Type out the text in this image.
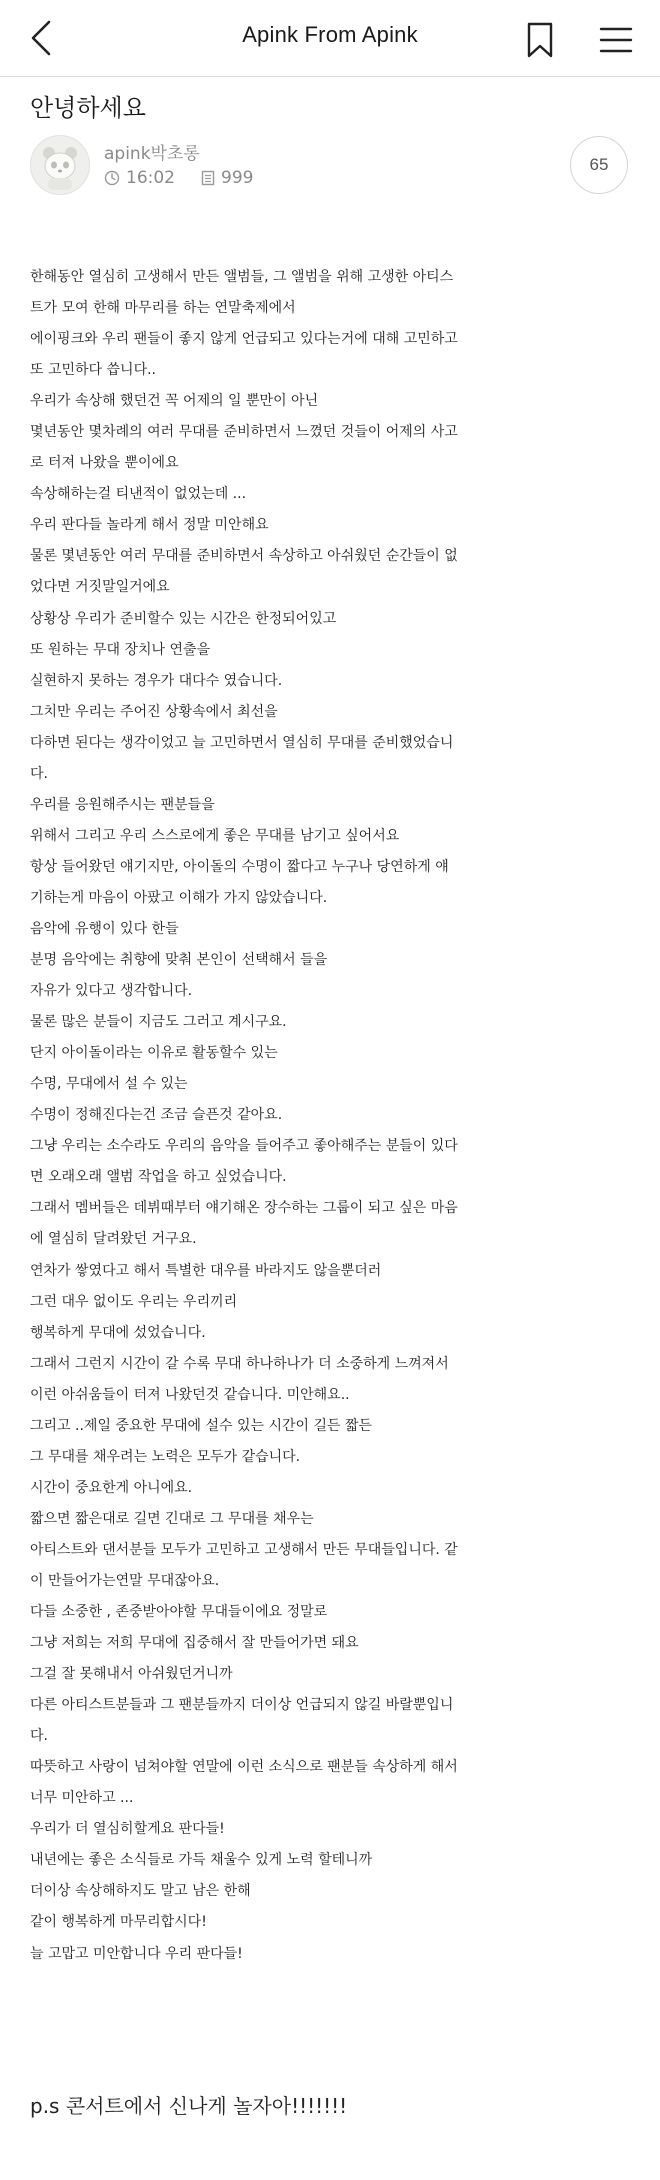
Apink From Apink
안녕하세요
apink박초롱
16:02	999
65
한해동안 열심히 고생해서 만든 앨범들, 그 앨범을 위해 고생한 아티스
트가 모여 한해 마무리를 하는 연말축제에서
에이핑크와 우리 팬들이 좋지 않게 언급되고 있다는거에 대해 고민하고
또 고민하다 씁니다..
우리가 속상해 했던건 꼭 어제의 일 뿐만이 아닌
몇년동안 몇차례의 여러 무대를 준비하면서 느꼈던 것들이 어제의 사고
로 터져 나왔을 뿐이에요
속상해하는걸 티낸적이 없었는데 ...
우리 판다들 놀라게 해서 정말 미안해요
물론 몇년동안 여러 무대를 준비하면서 속상하고 아쉬웠던 순간들이 없
었다면 거짓말일거에요
상황상 우리가 준비할수 있는 시간은 한정되어있고
또 원하는 무대 장치나 연출을
실현하지 못하는 경우가 대다수 였습니다.
그치만 우리는 주어진 상황속에서 최선을
다하면 된다는 생각이었고 늘 고민하면서 열심히 무대를 준비했었습니
다.
우리를 응원해주시는 팬분들을
위해서 그리고 우리 스스로에게 좋은 무대를 남기고 싶어서요
항상 들어왔던 얘기지만, 아이돌의 수명이 짧다고 누구나 당연하게 얘
기하는게 마음이 아팠고 이해가 가지 않았습니다.
음악에 유행이 있다 한들
분명 음악에는 취향에 맞춰 본인이 선택해서 들을
자유가 있다고 생각합니다.
물론 많은 분들이 지금도 그러고 계시구요.
단지 아이돌이라는 이유로 활동할수 있는
수명, 무대에서 설 수 있는
수명이 정해진다는건 조금 슬픈것 같아요.
그냥 우리는 소수라도 우리의 음악을 들어주고 좋아해주는 분들이 있다
면 오래오래 앨범 작업을 하고 싶었습니다.
그래서 멤버들은 데뷔때부터 얘기해온 장수하는 그룹이 되고 싶은 마음
에 열심히 달려왔던 거구요.
연차가 쌓였다고 해서 특별한 대우를 바라지도 않을뿐더러
그런 대우 없이도 우리는 우리끼리
행복하게 무대에 섰었습니다.
그래서 그런지 시간이 갈 수록 무대 하나하나가 더 소중하게 느껴져서
이런 아쉬움들이 터져 나왔던것 같습니다. 미안해요..
그리고 ..제일 중요한 무대에 설수 있는 시간이 길든 짧든
그 무대를 채우려는 노력은 모두가 같습니다.
시간이 중요한게 아니에요.
짧으면 짧은대로 길면 긴대로 그 무대를 채우는
아티스트와 댄서분들 모두가 고민하고 고생해서 만든 무대들입니다. 같
이 만들어가는연말 무대잖아요.
다들 소중한 , 존중받아야할 무대들이에요 정말로
그냥 저희는 저희 무대에 집중해서 잘 만들어가면 돼요
그걸 잘 못해내서 아쉬웠던거니까
다른 아티스트분들과 그 팬분들까지 더이상 언급되지 않길 바랄뿐입니
다.
따뜻하고 사랑이 넘쳐야할 연말에 이런 소식으로 팬분들 속상하게 해서
너무 미안하고 ...
우리가 더 열심히할게요 판다들!
내년에는 좋은 소식들로 가득 채울수 있게 노력 할테니까
더이상 속상해하지도 말고 남은 한해
같이 행복하게 마무리합시다!
늘 고맙고 미안합니다 우리 판다들!
p.s 콘서트에서 신나게 놀자아!!!!!!!
